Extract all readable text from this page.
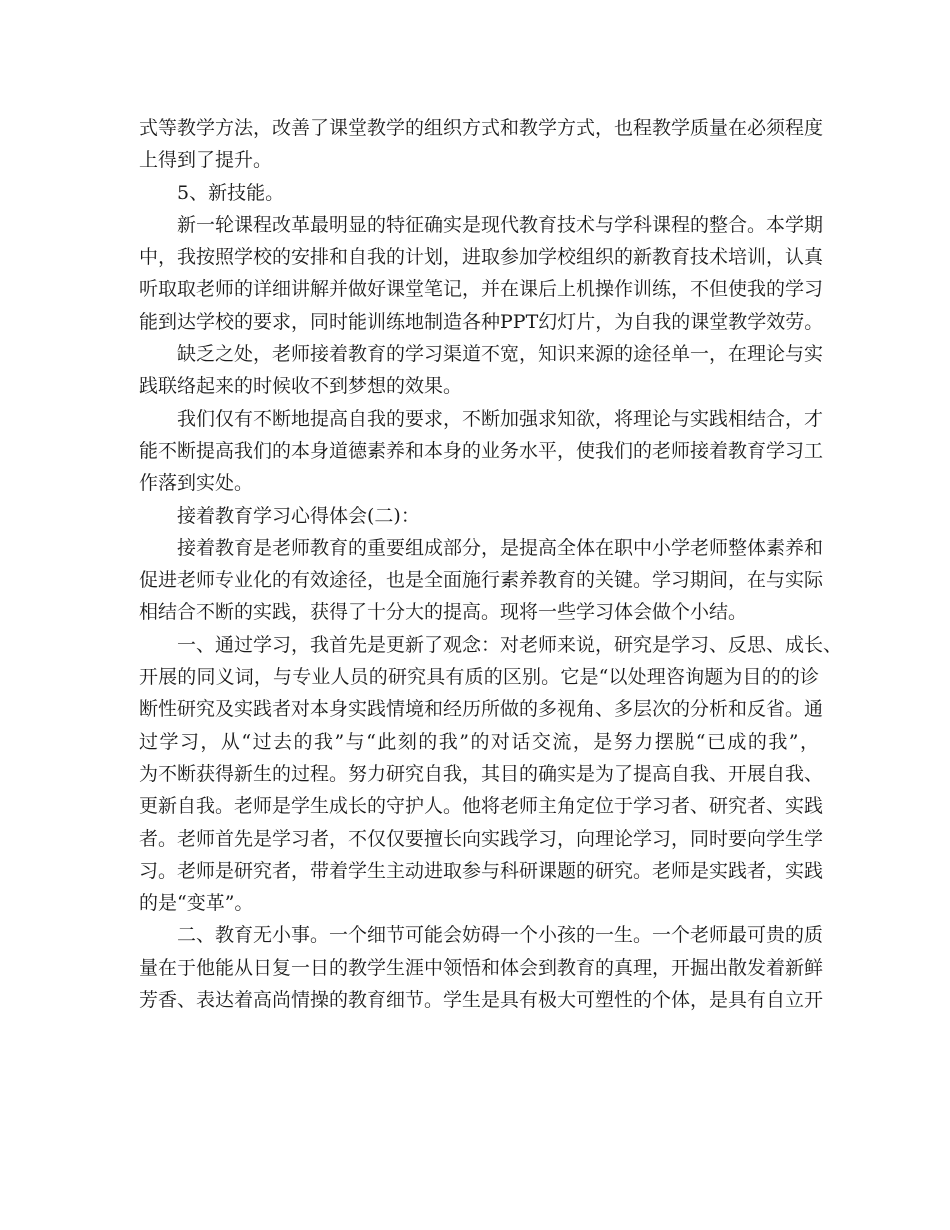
式等教学方法，改善了课堂教学的组织方式和教学方式，也程教学质量在必须程度
上得到了提升。
5、新技能。
新一轮课程改革最明显的特征确实是现代教育技术与学科课程的整合。本学期
中，我按照学校的安排和自我的计划，进取参加学校组织的新教育技术培训，认真
听取取老师的详细讲解并做好课堂笔记，并在课后上机操作训练，不但使我的学习
能到达学校的要求，同时能训练地制造各种PPT幻灯片，为自我的课堂教学效劳。
缺乏之处，老师接着教育的学习渠道不宽，知识来源的途径单一，在理论与实
践联络起来的时候收不到梦想的效果。
我们仅有不断地提高自我的要求，不断加强求知欲，将理论与实践相结合，才
能不断提高我们的本身道德素养和本身的业务水平，使我们的老师接着教育学习工
作落到实处。
接着教育学习心得体会(二)：
接着教育是老师教育的重要组成部分，是提高全体在职中小学老师整体素养和
促进老师专业化的有效途径，也是全面施行素养教育的关键。学习期间，在与实际
相结合不断的实践，获得了十分大的提高。现将一些学习体会做个小结。
一、通过学习，我首先是更新了观念：对老师来说，研究是学习、反思、成长、
开展的同义词，与专业人员的研究具有质的区别。它是“以处理咨询题为目的的诊
断性研究及实践者对本身实践情境和经历所做的多视角、多层次的分析和反省。通
过学习，从“过去的我”与“此刻的我”的对话交流，是努力摆脱“已成的我”，
为不断获得新生的过程。努力研究自我，其目的确实是为了提高自我、开展自我、
更新自我。老师是学生成长的守护人。他将老师主角定位于学习者、研究者、实践
者。老师首先是学习者，不仅仅要擅长向实践学习，向理论学习，同时要向学生学
习。老师是研究者，带着学生主动进取参与科研课题的研究。老师是实践者，实践
的是“变革”。
二、教育无小事。一个细节可能会妨碍一个小孩的一生。一个老师最可贵的质
量在于他能从日复一日的教学生涯中领悟和体会到教育的真理，开掘出散发着新鲜
芳香、表达着高尚情操的教育细节。学生是具有极大可塑性的个体，是具有自立开
